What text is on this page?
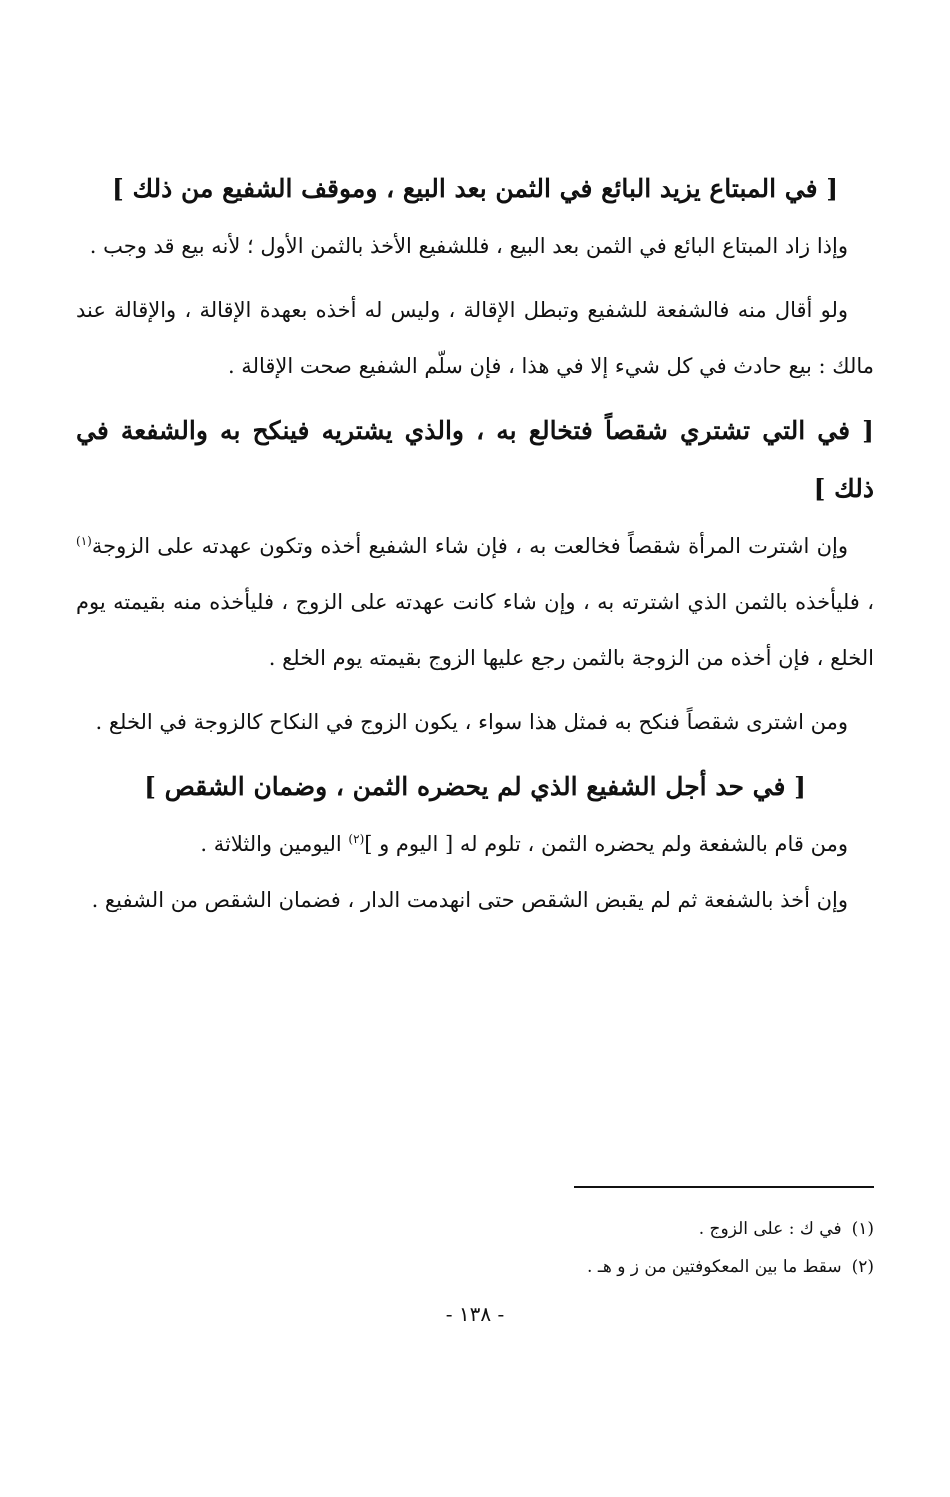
[ في المبتاع يزيد البائع في الثمن بعد البيع ، وموقف الشفيع من ذلك ]

وإذا زاد المبتاع البائع في الثمن بعد البيع ، فللشفيع الأخذ بالثمن الأول ؛ لأنه بيع قد وجب .

ولو أقال منه فالشفعة للشفيع وتبطل الإقالة ، وليس له أخذه بعهدة الإقالة ، والإقالة عند مالك : بيع حادث في كل شيء إلا في هذا ، فإن سلّم الشفيع صحت الإقالة .

[ في التي تشتري شقصاً فتخالع به ، والذي يشتريه فينكح به والشفعة في ذلك ]

وإن اشترت المرأة شقصاً فخالعت به ، فإن شاء الشفيع أخذه وتكون عهدته على الزوجة$^{(١)}$ ، فليأخذه بالثمن الذي اشترته به ، وإن شاء كانت عهدته على الزوج ، فليأخذه منه بقيمته يوم الخلع ، فإن أخذه من الزوجة بالثمن رجع عليها الزوج بقيمته يوم الخلع .

ومن اشترى شقصاً فنكح به فمثل هذا سواء ، يكون الزوج في النكاح كالزوجة في الخلع .

[ في حد أجل الشفيع الذي لم يحضره الثمن ، وضمان الشقص ]

ومن قام بالشفعة ولم يحضره الثمن ، تلوم له [ اليوم و ]$^{(٢)}$ اليومين والثلاثة .

وإن أخذ بالشفعة ثم لم يقبض الشقص حتى انهدمت الدار ، فضمان الشقص من الشفيع .

(١)في ك : على الزوج .

(٢)سقط ما بين المعكوفتين من ز و هـ .

- ١٣٨ -
